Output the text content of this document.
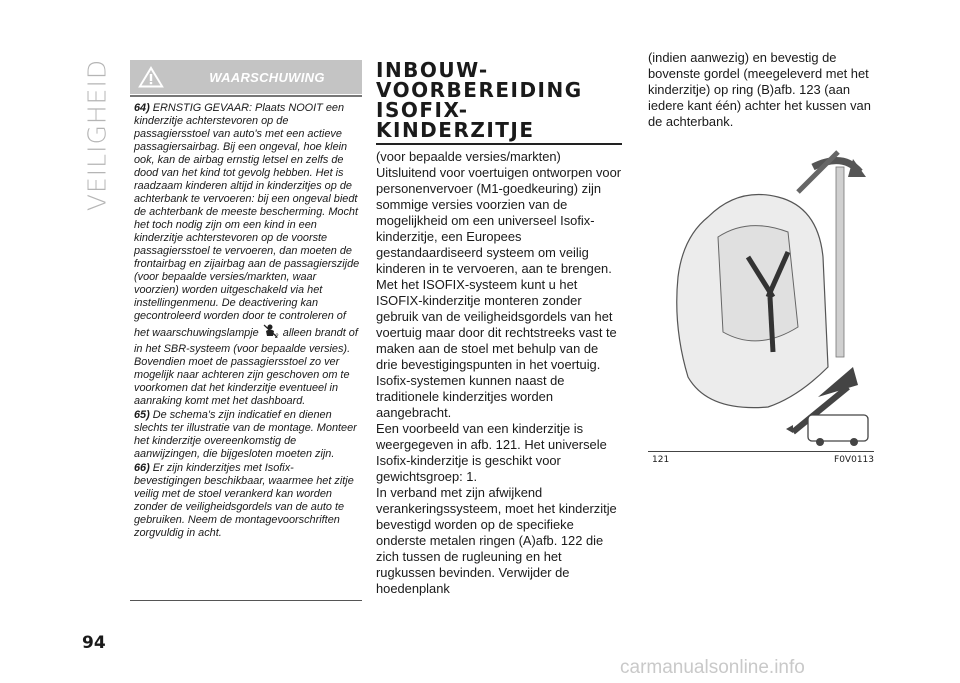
VEILIGHEID	WAARSCHUWING

64) ERNSTIG GEVAAR: Plaats NOOIT een kinderzitje achterstevoren op de passagiersstoel van auto's met een actieve passagiersairbag. Bij een ongeval, hoe klein ook, kan de airbag ernstig letsel en zelfs de dood van het kind tot gevolg hebben. Het is raadzaam kinderen altijd in kinderzitjes op de achterbank te vervoeren: bij een ongeval biedt de achterbank de meeste bescherming. Mocht het toch nodig zijn om een kind in een kinderzitje achterstevoren op de voorste passagiersstoel te vervoeren, dan moeten de frontairbag en zijairbag aan de passagierszijde (voor bepaalde versies/markten, waar voorzien) worden uitgeschakeld via het instellingenmenu. De deactivering kan gecontroleerd worden door te controleren of het waarschuwingslampje	2 alleen brandt of in het SBR-systeem (voor bepaalde versies). Bovendien moet de passagiersstoel zo ver mogelijk naar achteren zijn geschoven om te voorkomen dat het kinderzitje eventueel in aanraking komt met het dashboard.

65) De schema's zijn indicatief en dienen slechts ter illustratie van de montage. Monteer het kinderzitje overeenkomstig de aanwijzingen, die bijgesloten moeten zijn.

66) Er zijn kinderzitjes met Isofix-bevestigingen beschikbaar, waarmee het zitje veilig met de stoel verankerd kan worden zonder de veiligheidsgordels van de auto te gebruiken. Neem de montagevoorschriften zorgvuldig in acht.

INBOUW-
VOORBEREIDING
ISOFIX-
KINDERZITJE

(voor bepaalde versies/markten)

Uitsluitend voor voertuigen ontworpen voor personenvervoer (M1-goedkeuring) zijn sommige versies voorzien van de mogelijkheid om een universeel Isofix-kinderzitje, een Europees gestandaardiseerd systeem om veilig kinderen in te vervoeren, aan te brengen.

Met het ISOFIX-systeem kunt u het ISOFIX-kinderzitje monteren zonder gebruik van de veiligheidsgordels van het voertuig maar door dit rechtstreeks vast te maken aan de stoel met behulp van de drie bevestigingspunten in het voertuig.

Isofix-systemen kunnen naast de traditionele kinderzitjes worden aangebracht.

Een voorbeeld van een kinderzitje is weergegeven in afb. 121. Het universele Isofix-kinderzitje is geschikt voor gewichtsgroep: 1.

In verband met zijn afwijkend verankeringssysteem, moet het kinderzitje bevestigd worden op de specifieke onderste metalen ringen (A)afb. 122 die zich tussen de rugleuning en het rugkussen bevinden. Verwijder de hoedenplank

(indien aanwezig) en bevestig de bovenste gordel (meegeleverd met het kinderzitje) op ring (B)afb. 123 (aan iedere kant één) achter het kussen van de achterbank.
121	F0V0113
94
carmanualsonline.info
